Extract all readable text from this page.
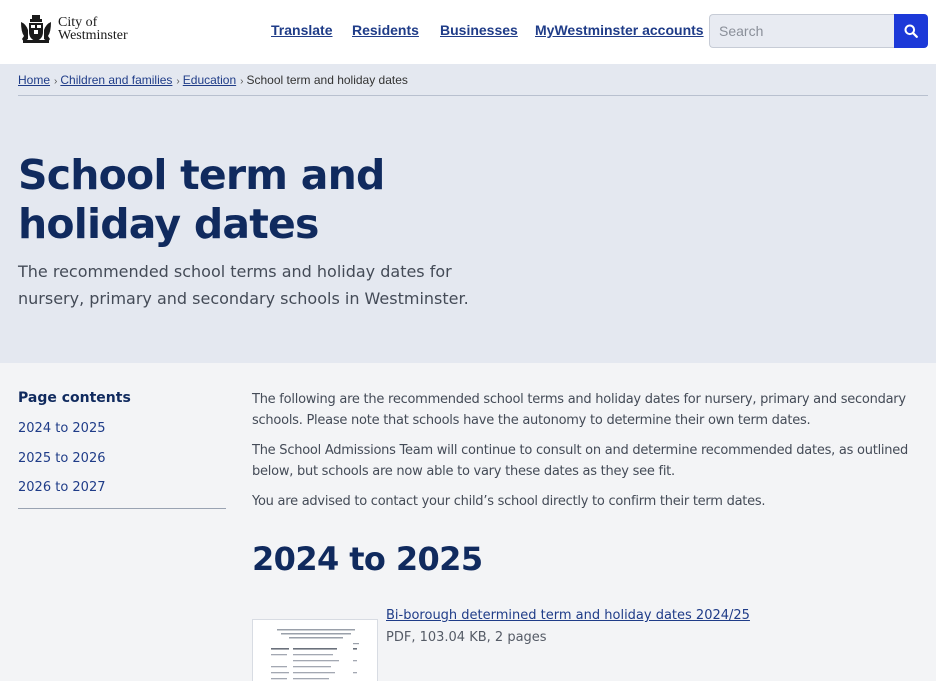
City of
Westminster	Translate Residents Businesses MyWestminster accounts
Search
Home › Children and families › Education › School term and holiday dates
School term and holiday dates

The recommended school terms and holiday dates for nursery, primary and secondary schools in Westminster.

Page contents
2024 to 2025
2025 to 2026
2026 to 2027

The following are the recommended school terms and holiday dates for nursery, primary and secondary schools. Please note that schools have the autonomy to determine their own term dates.

The School Admissions Team will continue to consult on and determine recommended dates, as outlined below, but schools are now able to vary these dates as they see fit.

You are advised to contact your child’s school directly to confirm their term dates.

2024 to 2025
Bi-borough determined term and holiday dates 2024/25
PDF, 103.04 KB, 2 pages
